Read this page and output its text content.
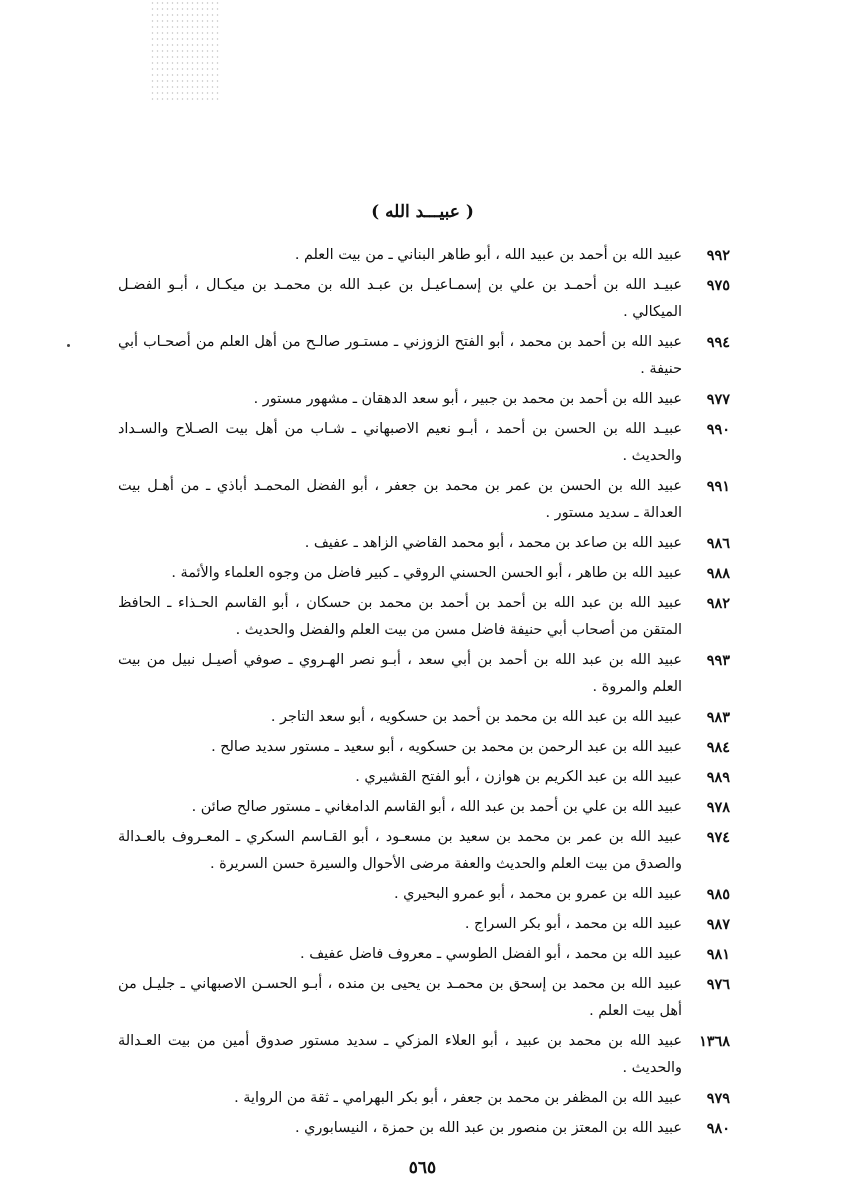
( عبيـــد الله )
٩٩٢
عبيد الله بن أحمد بن عبيد الله ، أبو طاهر البناني ـ من بيت العلم .
٩٧٥
عبيـد الله بن أحمـد بن علي بن إسمـاعيـل بن عبـد الله بن محمـد بن ميكـال ، أبـو الفضـل الميكالي .
٩٩٤
عبيد الله بن أحمد بن محمد ، أبو الفتح الزوزني ـ مستـور صالـح من أهل العلم من أصحـاب أبي حنيفة .
٩٧٧
عبيد الله بن أحمد بن محمد بن جبير ، أبو سعد الدهقان ـ مشهور مستور .
٩٩٠
عبيـد الله بن الحسن بن أحمد ، أبـو نعيم الاصبهاني ـ شـاب من أهل بيت الصـلاح والسـداد والحديث .
٩٩١
عبيد الله بن الحسن بن عمر بن محمد بن جعفر ، أبو الفضل المحمـد أباذي ـ من أهـل بيت العدالة ـ سديد مستور .
٩٨٦
عبيد الله بن صاعد بن محمد ، أبو محمد القاضي الزاهد ـ عفيف .
٩٨٨
عبيد الله بن طاهر ، أبو الحسن الحسني الروقي ـ كبير فاضل من وجوه العلماء والأئمة .
٩٨٢
عبيد الله بن عبد الله بن أحمد بن أحمد بن محمد بن حسكان ، أبو القاسم الحـذاء ـ الحافظ المتقن من أصحاب أبي حنيفة فاضل مسن من بيت العلم والفضل والحديث .
٩٩٣
عبيد الله بن عبد الله بن أحمد بن أبي سعد ، أبـو نصر الهـروي ـ صوفي أصيـل نبيل من بيت العلم والمروة .
٩٨٣
عبيد الله بن عبد الله بن محمد بن أحمد بن حسكويه ، أبو سعد التاجر .
٩٨٤
عبيد الله بن عبد الرحمن بن محمد بن حسكويه ، أبو سعيد ـ مستور سديد صالح .
٩٨٩
عبيد الله بن عبد الكريم بن هوازن ، أبو الفتح القشيري .
٩٧٨
عبيد الله بن علي بن أحمد بن عبد الله ، أبو القاسم الدامغاني ـ مستور صالح صائن .
٩٧٤
عبيد الله بن عمر بن محمد بن سعيد بن مسعـود ، أبو القـاسم السكري ـ المعـروف بالعـدالة والصدق من بيت العلم والحديث والعفة مرضى الأحوال والسيرة حسن السريرة .
٩٨٥
عبيد الله بن عمرو بن محمد ، أبو عمرو البحيري .
٩٨٧
عبيد الله بن محمد ، أبو بكر السراج .
٩٨١
عبيد الله بن محمد ، أبو الفضل الطوسي ـ معروف فاضل عفيف .
٩٧٦
عبيد الله بن محمد بن إسحق بن محمـد بن يحيى بن منده ، أبـو الحسـن الاصبهاني ـ جليـل من أهل بيت العلم .
١٣٦٨
عبيد الله بن محمد بن عبيد ، أبو العلاء المزكي ـ سديد مستور صدوق أمين من بيت العـدالة والحديث .
٩٧٩
عبيد الله بن المظفر بن محمد بن جعفر ، أبو بكر البهرامي ـ ثقة من الرواية .
٩٨٠
عبيد الله بن المعتز بن منصور بن عبد الله بن حمزة ، النيسابوري .
٥٦٥
